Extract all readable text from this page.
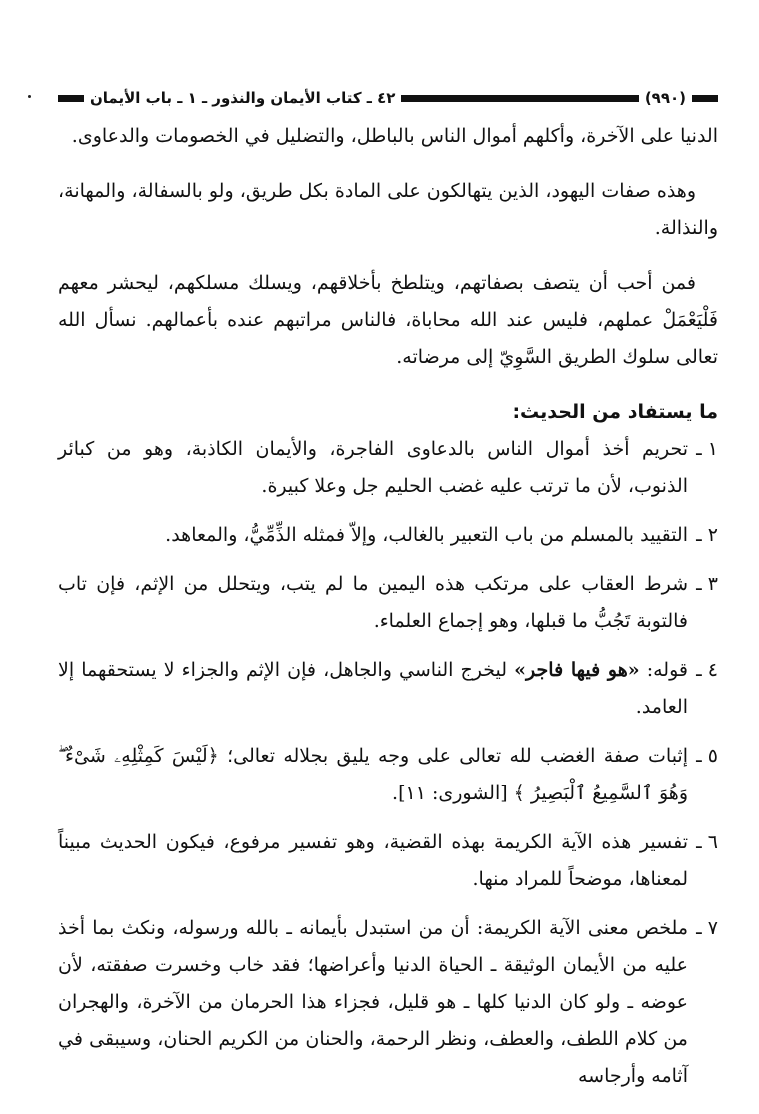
(٩٩٠)
٤٢ ـ كتاب الأيمان والنذور ـ ١ ـ باب الأيمان

الدنيا على الآخرة، وأكلهم أموال الناس بالباطل، والتضليل في الخصومات والدعاوى.

وهذه صفات اليهود، الذين يتهالكون على المادة بكل طريق، ولو بالسفالة، والمهانة، والنذالة.

فمن أحب أن يتصف بصفاتهم، ويتلطخ بأخلاقهم، ويسلك مسلكهم، ليحشر معهم فَلْيَعْمَلْ عملهم، فليس عند الله محاباة، فالناس مراتبهم عنده بأعمالهم. نسأل الله تعالى سلوك الطريق السَّوِيّ إلى مرضاته.

ما يستفاد من الحديث:

١ ـ
تحريم أخذ أموال الناس بالدعاوى الفاجرة، والأيمان الكاذبة، وهو من كبائر الذنوب، لأن ما ترتب عليه غضب الحليم جل وعلا كبيرة.
٢ ـ
التقييد بالمسلم من باب التعبير بالغالب، وإلاّ فمثله الذِّمِّيُّ، والمعاهد.
٣ ـ
شرط العقاب على مرتكب هذه اليمين ما لم يتب، ويتحلل من الإثم، فإن تاب فالتوبة تَجُبُّ ما قبلها، وهو إجماع العلماء.
٤ ـ
قوله: «هو فيها فاجر» ليخرج الناسي والجاهل، فإن الإثم والجزاء لا يستحقهما إلا العامد.
٥ ـ
إثبات صفة الغضب لله تعالى على وجه يليق بجلاله تعالى؛ ﴿لَيْسَ كَمِثْلِهِۦ شَىْءٌ ۖ وَهُوَ ٱلسَّمِيعُ ٱلْبَصِيرُ ﴾ [الشورى: ١١].
٦ ـ
تفسير هذه الآية الكريمة بهذه القضية، وهو تفسير مرفوع، فيكون الحديث مبيناً لمعناها، موضحاً للمراد منها.
٧ ـ
ملخص معنى الآية الكريمة: أن من استبدل بأيمانه ـ بالله ورسوله، ونكث بما أخذ عليه من الأيمان الوثيقة ـ الحياة الدنيا وأعراضها؛ فقد خاب وخسرت صفقته، لأن عوضه ـ ولو كان الدنيا كلها ـ هو قليل، فجزاء هذا الحرمان من الآخرة، والهجران من كلام اللطف، والعطف، ونظر الرحمة، والحنان من الكريم الحنان، وسيبقى في آثامه وأرجاسه
